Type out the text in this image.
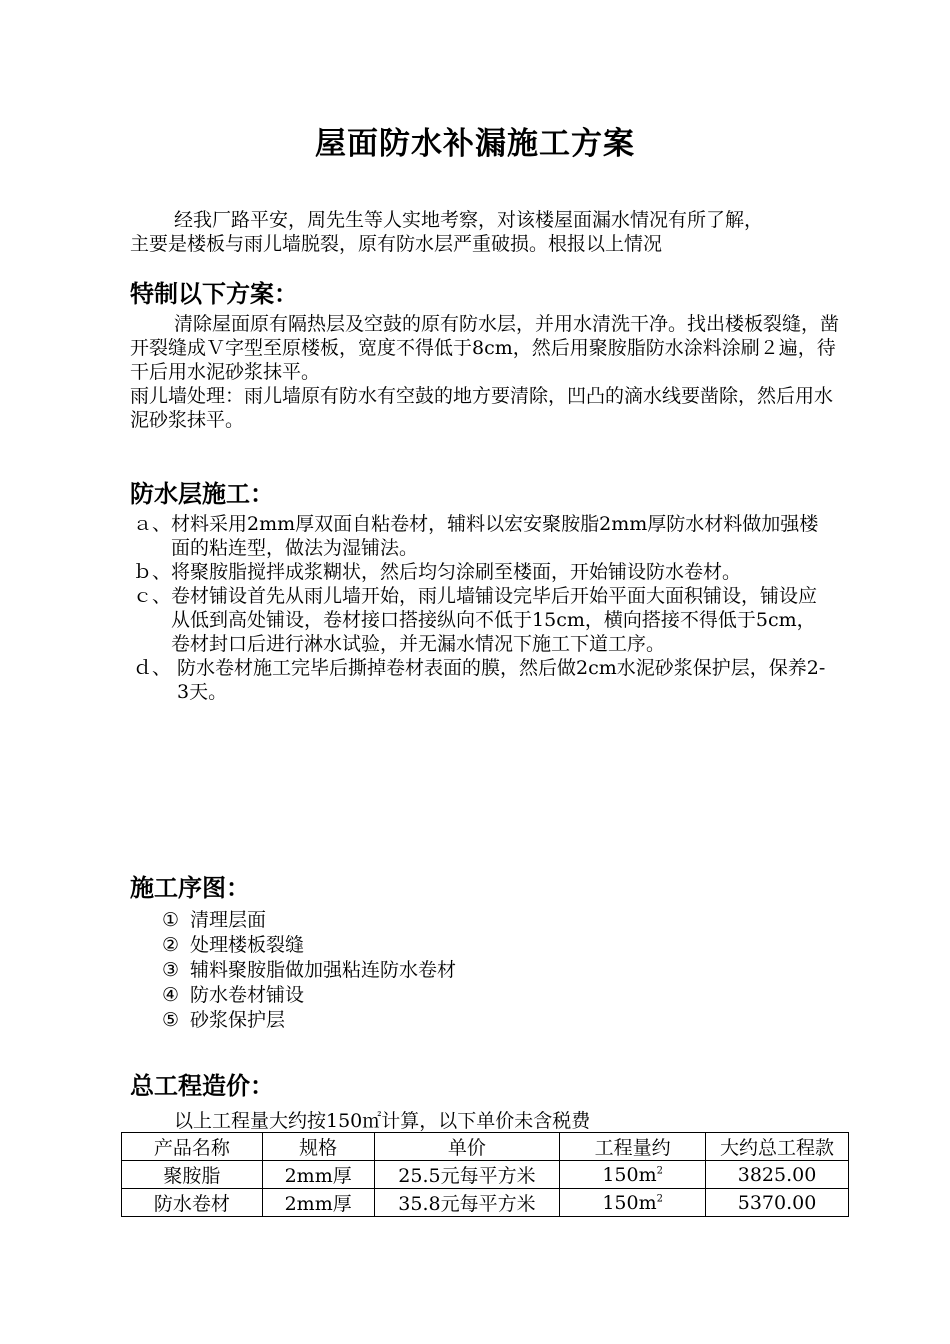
屋面防水补漏施工方案

经我厂路平安，周先生等人实地考察，对该楼屋面漏水情况有所了解，

主要是楼板与雨儿墙脱裂，原有防水层严重破损。根报以上情况

特制以下方案：

清除屋面原有隔热层及空鼓的原有防水层，并用水清洗干净。找出楼板裂缝，凿开裂缝成Ｖ字型至原楼板，宽度不得低于8cm，然后用聚胺脂防水涂料涂刷２遍，待干后用水泥砂浆抹平。

雨儿墙处理：雨儿墙原有防水有空鼓的地方要清除，凹凸的滴水线要凿除，然后用水泥砂浆抹平。

防水层施工：
ａ、 材料采用2mm厚双面自粘卷材，辅料以宏安聚胺脂2mm厚防水材料做加强楼面的粘连型，做法为湿铺法。
ｂ、 将聚胺脂搅拌成浆糊状，然后均匀涂刷至楼面，开始铺设防水卷材。
ｃ、 卷材铺设首先从雨儿墙开始，雨儿墙铺设完毕后开始平面大面积铺设，铺设应从低到高处铺设，卷材接口搭接纵向不低于15cm，横向搭接不得低于5cm，卷材封口后进行淋水试验，并无漏水情况下施工下道工序。
ｄ、 防水卷材施工完毕后撕掉卷材表面的膜，然后做2cm水泥砂浆保护层，保养2-3天。
施工序图：
① 清理层面
② 处理楼板裂缝
③ 辅料聚胺脂做加强粘连防水卷材
④ 防水卷材铺设
⑤ 砂浆保护层
总工程造价：
以上工程量大约按150㎡计算，以下单价未含税费
产品名称	规格	单价	工程量约	大约总工程款
聚胺脂	2mm厚	25.5元每平方米	$150m^2$	3825.00
防水卷材	2mm厚	35.8元每平方米	$150m^2$	5370.00
